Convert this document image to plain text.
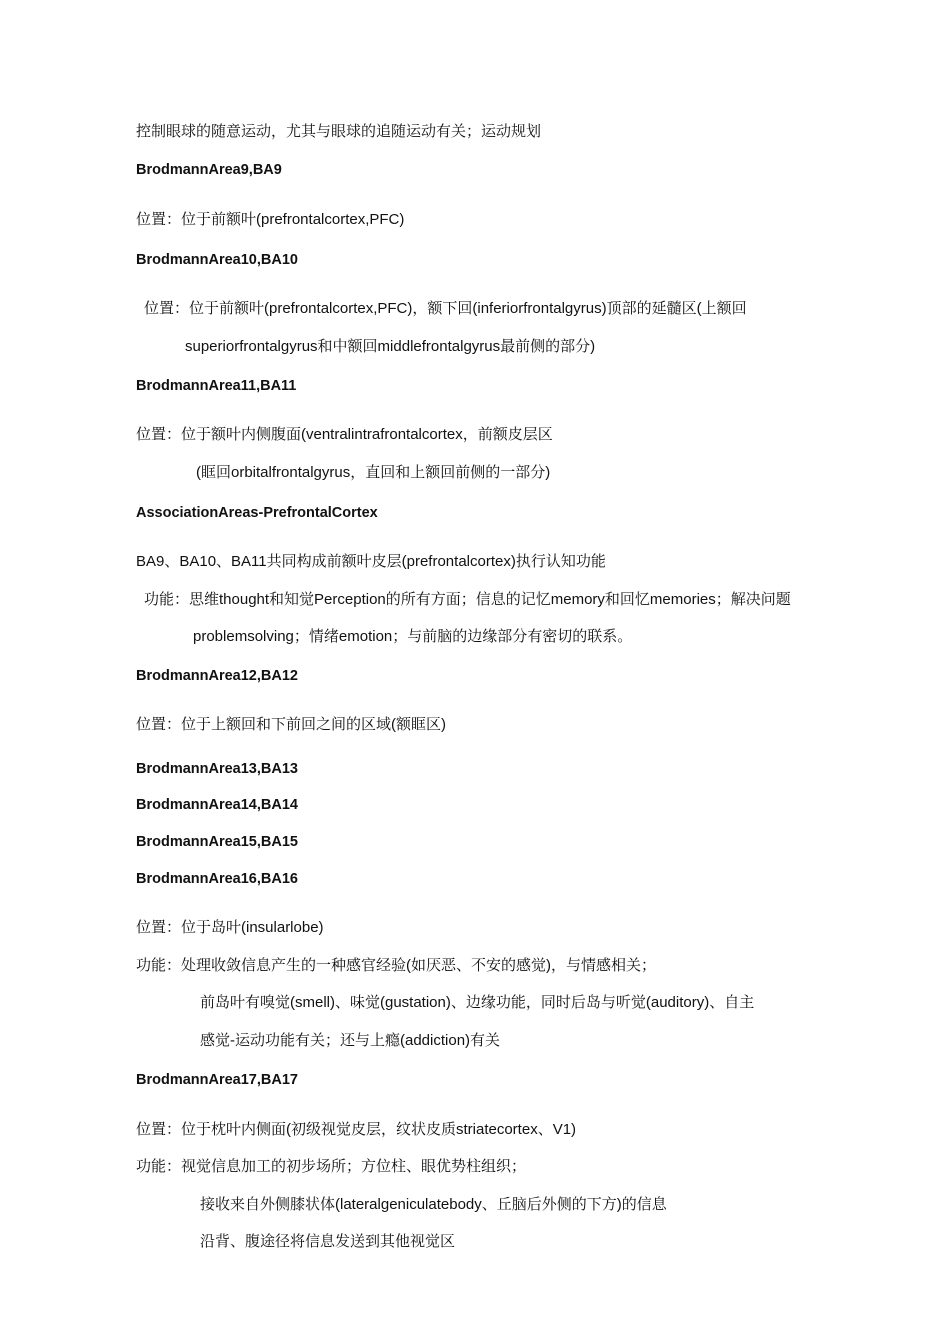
控制眼球的随意运动，尤其与眼球的追随运动有关；运动规划
BrodmannArea9,BA9
位置：位于前额叶(prefrontalcortex,PFC)
BrodmannArea10,BA10
位置：位于前额叶(prefrontalcortex,PFC)，额下回(inferiorfrontalgyrus)顶部的延髓区(上额回
superiorfrontalgyrus和中额回middlefrontalgyrus最前侧的部分)
BrodmannArea11,BA11
位置：位于额叶内侧腹面(ventralintrafrontalcortex，前额皮层区
(眶回orbitalfrontalgyrus，直回和上额回前侧的一部分)
AssociationAreas-PrefrontalCortex
BA9、BA10、BA11共同构成前额叶皮层(prefrontalcortex)执行认知功能
功能：思维thought和知觉Perception的所有方面；信息的记忆memory和回忆memories；解决问题
problemsolving；情绪emotion；与前脑的边缘部分有密切的联系。
BrodmannArea12,BA12
位置：位于上额回和下前回之间的区域(额眶区)
BrodmannArea13,BA13
BrodmannArea14,BA14
BrodmannArea15,BA15
BrodmannArea16,BA16
位置：位于岛叶(insularlobe)
功能：处理收敛信息产生的一种感官经验(如厌恶、不安的感觉)，与情感相关；
前岛叶有嗅觉(smell)、味觉(gustation)、边缘功能，同时后岛与听觉(auditory)、自主
感觉-运动功能有关；还与上瘾(addiction)有关
BrodmannArea17,BA17
位置：位于枕叶内侧面(初级视觉皮层，纹状皮质striatecortex、V1)
功能：视觉信息加工的初步场所；方位柱、眼优势柱组织；
接收来自外侧膝状体(lateralgeniculatebody、丘脑后外侧的下方)的信息
沿背、腹途径将信息发送到其他视觉区
